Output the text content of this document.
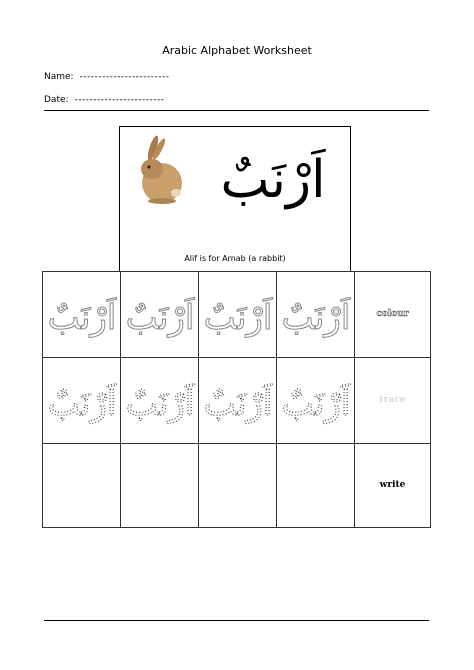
Arabic Alphabet Worksheet
Name: ------------------------
Date: ------------------------
اَرْنَبٌ
Alif is for Arnab (a rabbit)
اَرْنَبٌ اَرْنَبٌ اَرْنَبٌ اَرْنَبٌ	colour
اَرْنَبٌ اَرْنَبٌ اَرْنَبٌ اَرْنَبٌ	trace
write
